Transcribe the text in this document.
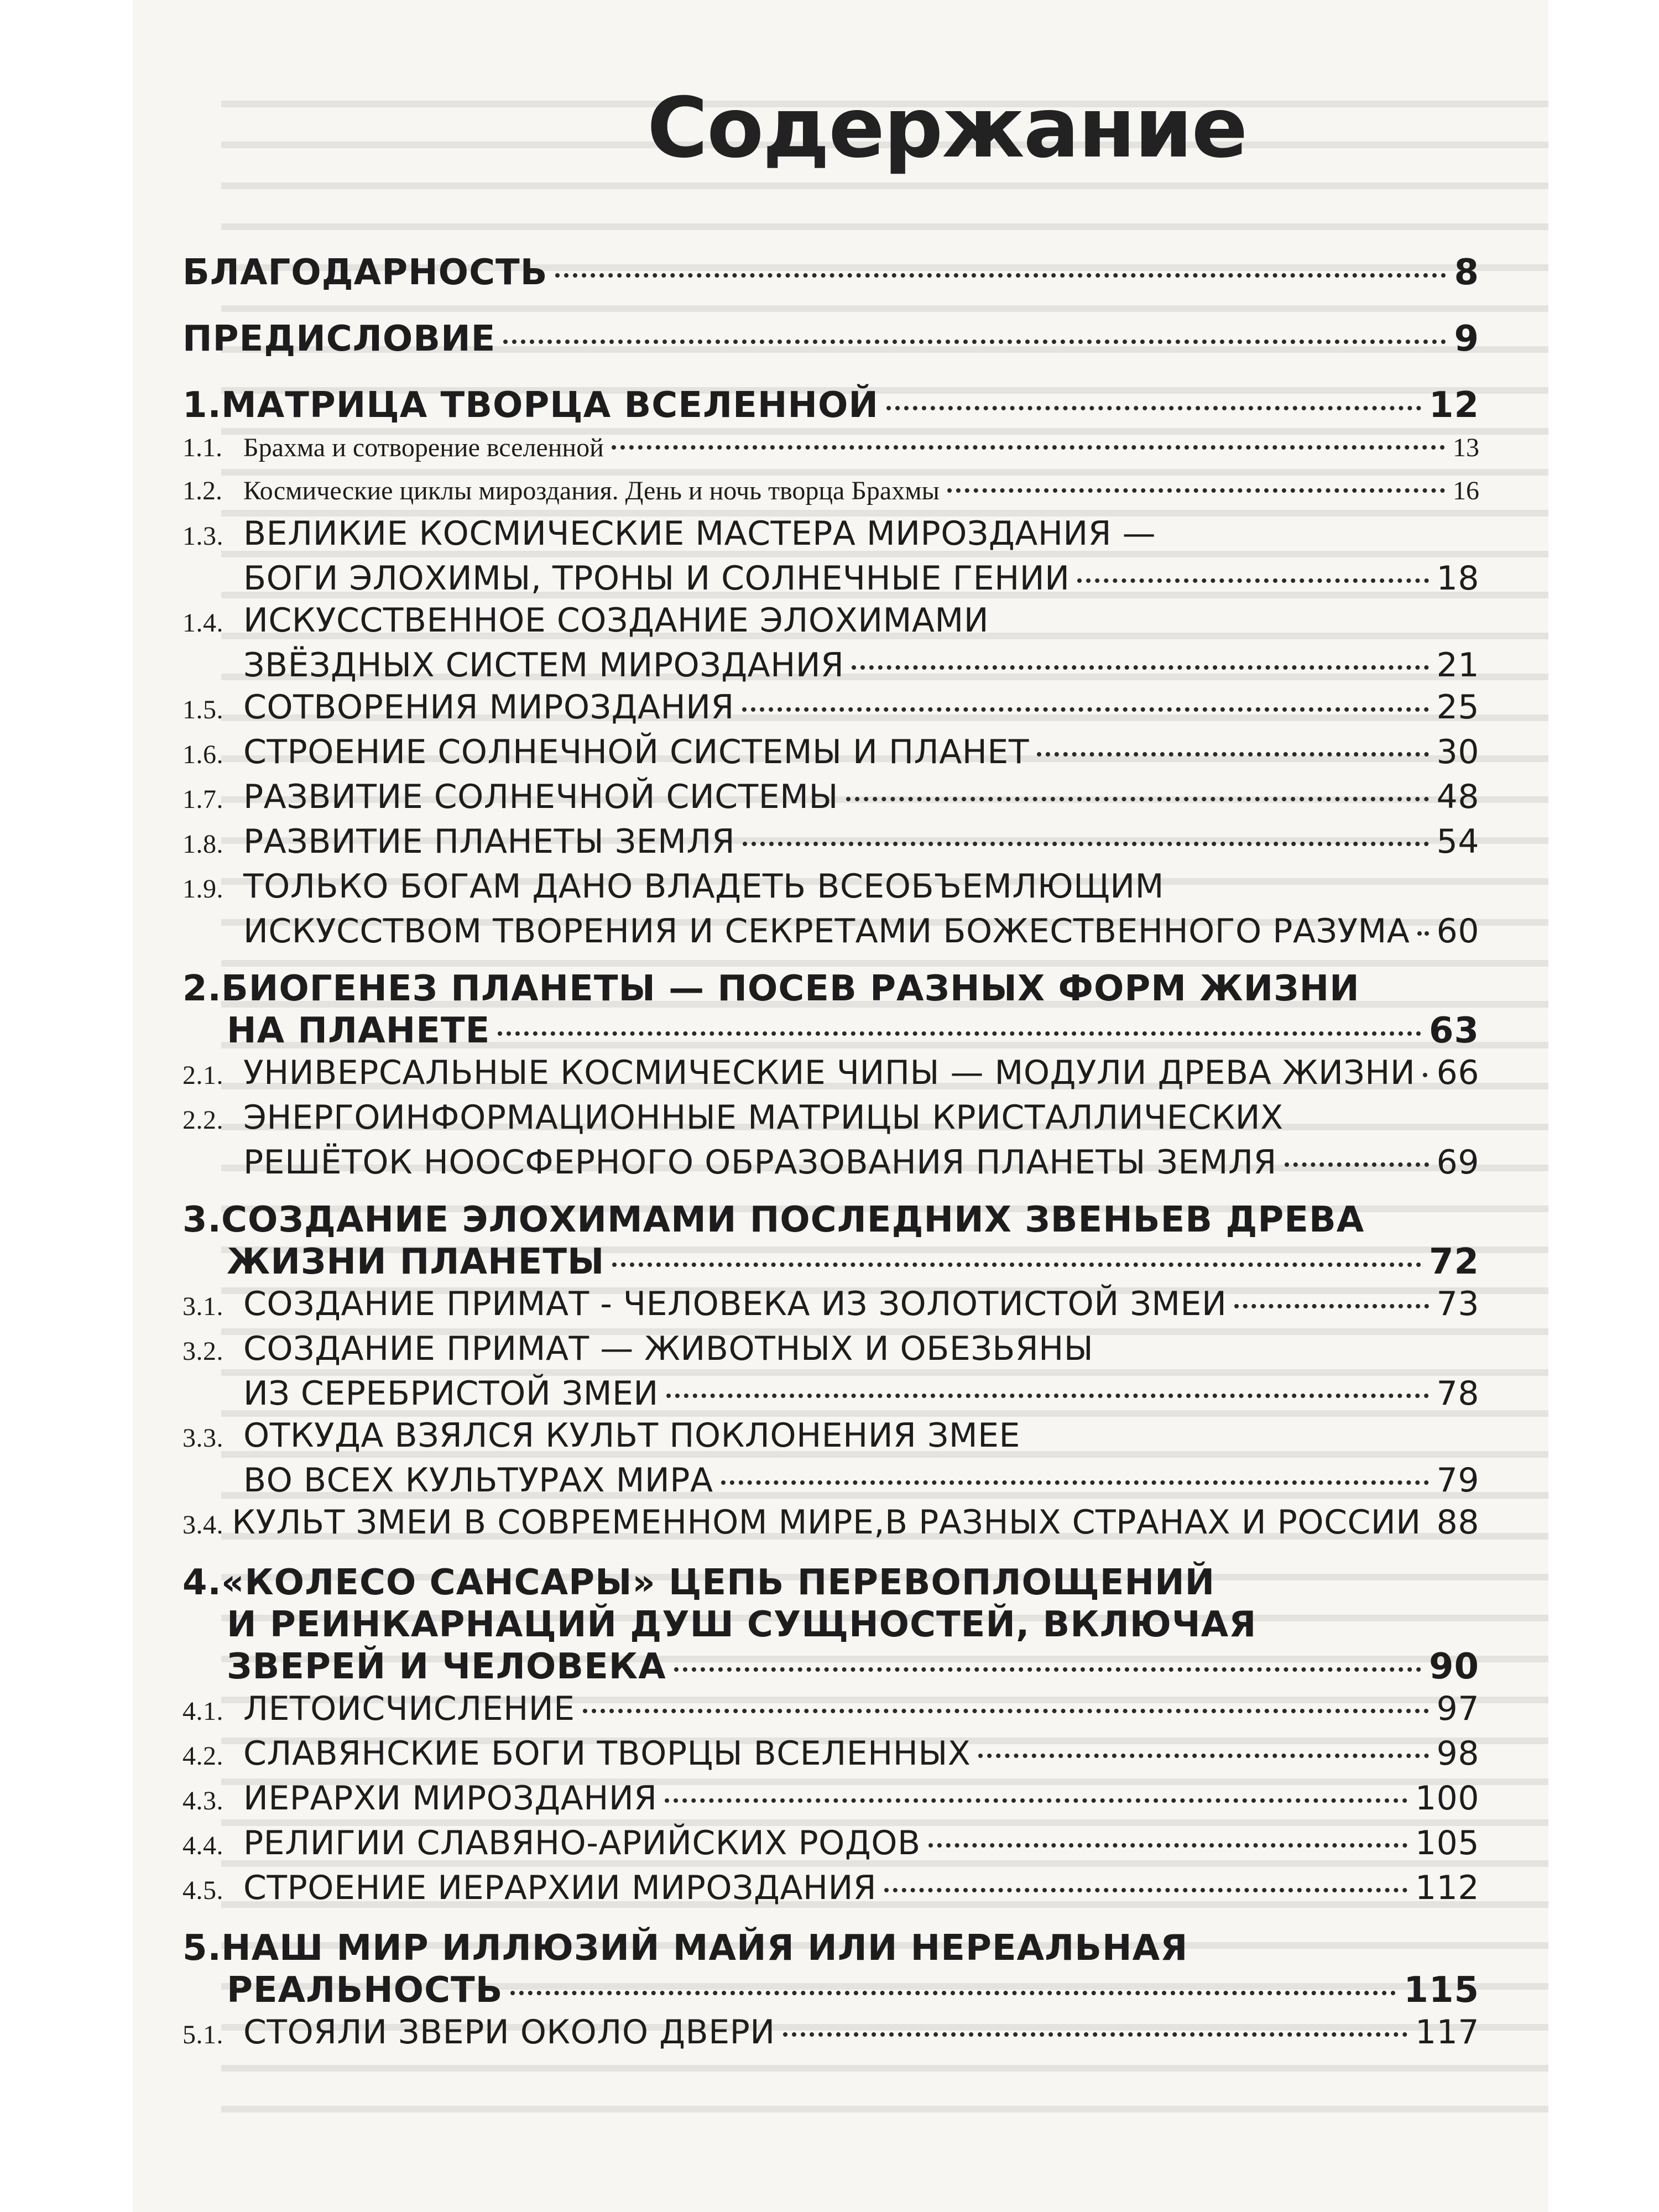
Содержание
БЛАГОДАРНОСТЬ	8
ПРЕДИСЛОВИЕ	9
1. МАТРИЦА ТВОРЦА ВСЕЛЕННОЙ	12
1.1. Брахма и сотворение вселенной	13
1.2. Космические циклы мироздания. День и ночь творца Брахмы	16
1.3. ВЕЛИКИЕ КОСМИЧЕСКИЕ МАСТЕРА МИРОЗДАНИЯ —
БОГИ ЭЛОХИМЫ, ТРОНЫ И СОЛНЕЧНЫЕ ГЕНИИ	18
1.4. ИСКУССТВЕННОЕ СОЗДАНИЕ ЭЛОХИМАМИ
ЗВЁЗДНЫХ СИСТЕМ МИРОЗДАНИЯ	21
1.5. СОТВОРЕНИЯ МИРОЗДАНИЯ	25
1.6. СТРОЕНИЕ СОЛНЕЧНОЙ СИСТЕМЫ И ПЛАНЕТ	30
1.7. РАЗВИТИЕ СОЛНЕЧНОЙ СИСТЕМЫ	48
1.8. РАЗВИТИЕ ПЛАНЕТЫ ЗЕМЛЯ	54
1.9. ТОЛЬКО БОГАМ ДАНО ВЛАДЕТЬ ВСЕОБЪЕМЛЮЩИМ
ИСКУССТВОМ ТВОРЕНИЯ И СЕКРЕТАМИ БОЖЕСТВЕННОГО РАЗУМА 60
2. БИОГЕНЕЗ ПЛАНЕТЫ — ПОСЕВ РАЗНЫХ ФОРМ ЖИЗНИ
НА ПЛАНЕТЕ	63
2.1. УНИВЕРСАЛЬНЫЕ КОСМИЧЕСКИЕ ЧИПЫ — МОДУЛИ ДРЕВА ЖИЗНИ 66
2.2. ЭНЕРГОИНФОРМАЦИОННЫЕ МАТРИЦЫ КРИСТАЛЛИЧЕСКИХ
РЕШЁТОК НООСФЕРНОГО ОБРАЗОВАНИЯ ПЛАНЕТЫ ЗЕМЛЯ	69
3. СОЗДАНИЕ ЭЛОХИМАМИ ПОСЛЕДНИХ ЗВЕНЬЕВ ДРЕВА
ЖИЗНИ ПЛАНЕТЫ	72
3.1. СОЗДАНИЕ ПРИМАТ - ЧЕЛОВЕКА ИЗ ЗОЛОТИСТОЙ ЗМЕИ	73
3.2. СОЗДАНИЕ ПРИМАТ — ЖИВОТНЫХ И ОБЕЗЬЯНЫ
ИЗ СЕРЕБРИСТОЙ ЗМЕИ	78
3.3. ОТКУДА ВЗЯЛСЯ КУЛЬТ ПОКЛОНЕНИЯ ЗМЕЕ
ВО ВСЕХ КУЛЬТУРАХ МИРА	79
3.4. КУЛЬТ ЗМЕИ В СОВРЕМЕННОМ МИРЕ,В РАЗНЫХ СТРАНАХ И РОССИИ 88
4. «КОЛЕСО САНСАРЫ» ЦЕПЬ ПЕРЕВОПЛОЩЕНИЙ
И РЕИНКАРНАЦИЙ ДУШ СУЩНОСТЕЙ, ВКЛЮЧАЯ
ЗВЕРЕЙ И ЧЕЛОВЕКА	90
4.1. ЛЕТОИСЧИСЛЕНИЕ	97
4.2. СЛАВЯНСКИЕ БОГИ ТВОРЦЫ ВСЕЛЕННЫХ	98
4.3. ИЕРАРХИ МИРОЗДАНИЯ	100
4.4. РЕЛИГИИ СЛАВЯНО-АРИЙСКИХ РОДОВ	105
4.5. СТРОЕНИЕ ИЕРАРХИИ МИРОЗДАНИЯ	112
5. НАШ МИР ИЛЛЮЗИЙ МАЙЯ ИЛИ НЕРЕАЛЬНАЯ
РЕАЛЬНОСТЬ	115
5.1. СТОЯЛИ ЗВЕРИ ОКОЛО ДВЕРИ	117
